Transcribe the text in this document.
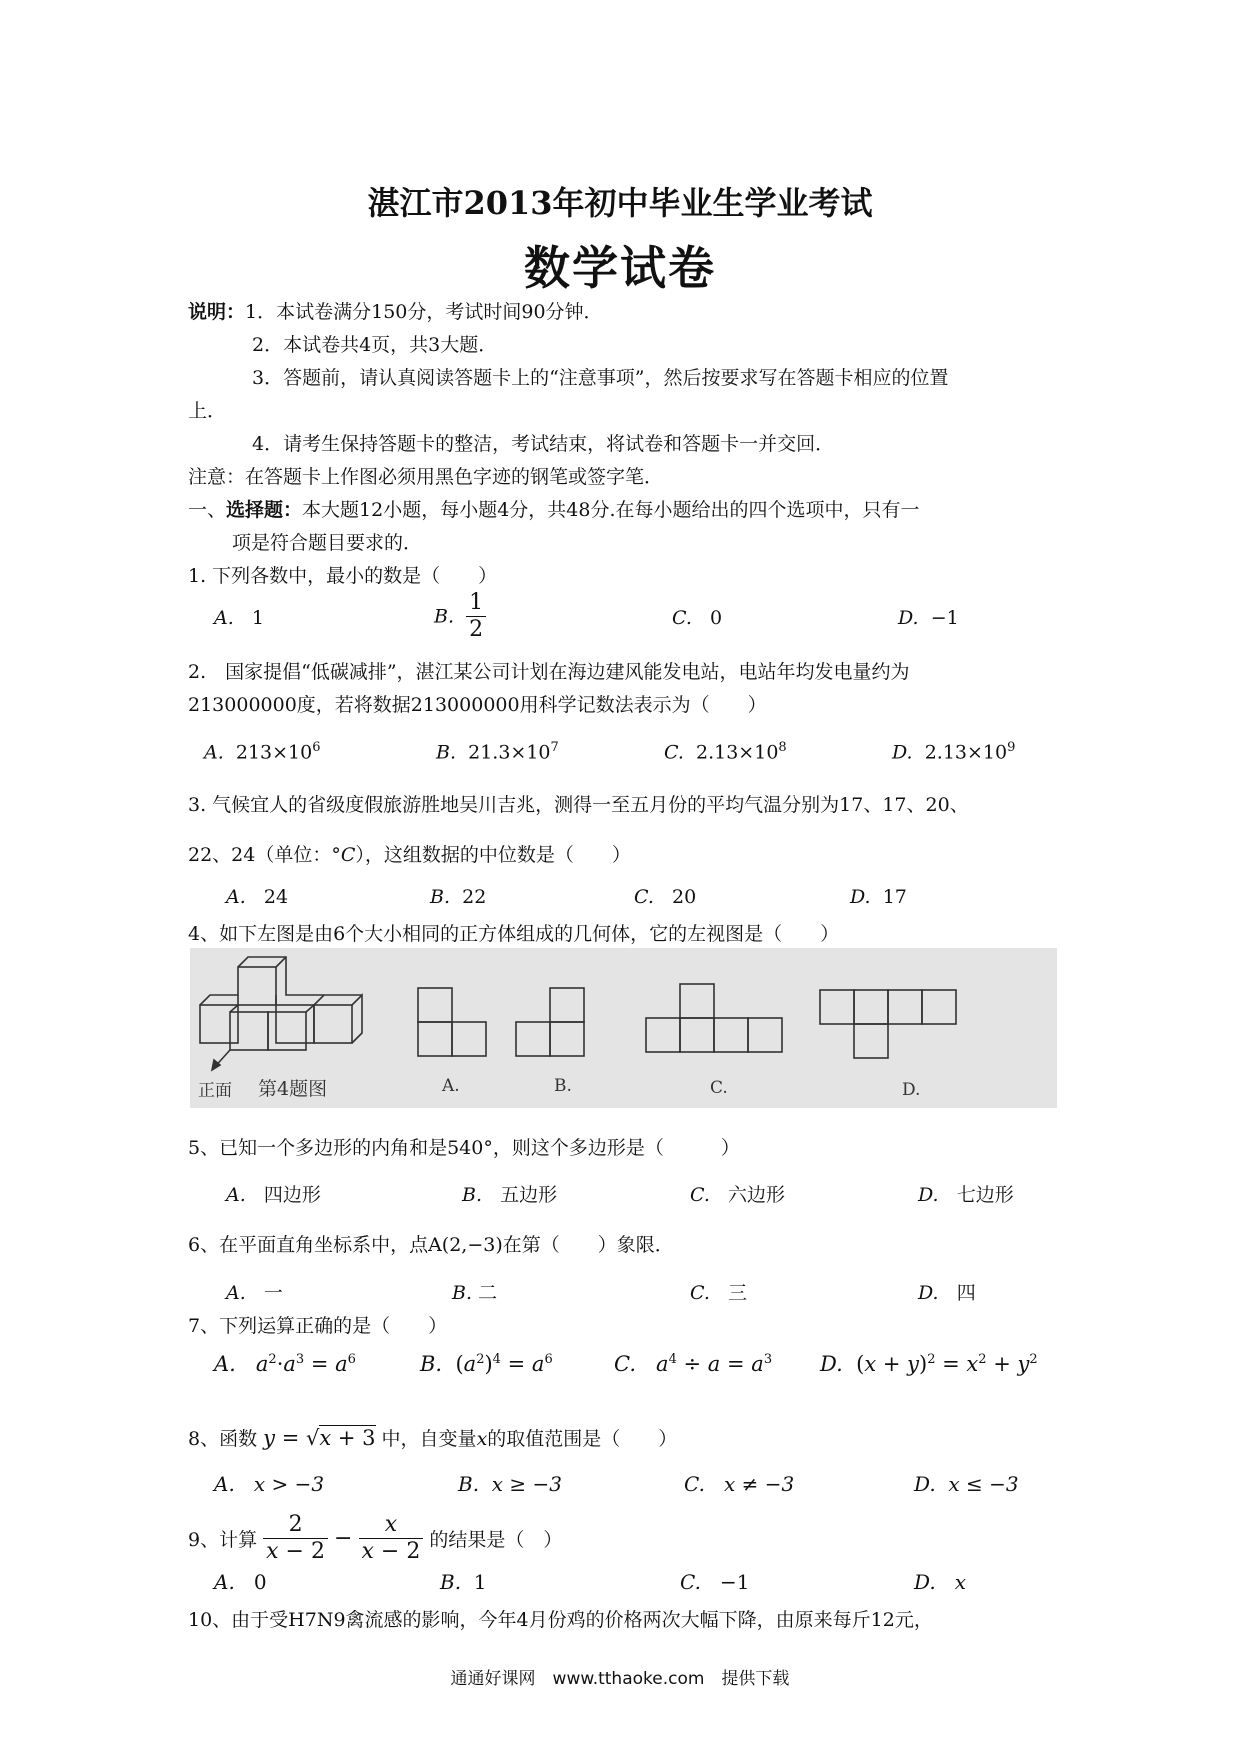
湛江市2013年初中毕业生学业考试
数学试卷
说明：1．本试卷满分150分，考试时间90分钟．
2．本试卷共4页，共3大题．
3．答题前，请认真阅读答题卡上的“注意事项”，然后按要求写在答题卡相应的位置
上．
4．请考生保持答题卡的整洁，考试结束，将试卷和答题卡一并交回．
注意：在答题卡上作图必须用黑色字迹的钢笔或签字笔．
一、选择题：本大题12小题，每小题4分，共48分.在每小题给出的四个选项中，只有一
项是符合题目要求的．
1. 下列各数中，最小的数是（　　）
A. 1	B. $\frac{1}{2}$	C. 0	D. −1
2.　国家提倡“低碳减排”，湛江某公司计划在海边建风能发电站，电站年均发电量约为
213000000度，若将数据213000000用科学记数法表示为（　　）
A. $213\times 10^6$	B. $21.3\times 10^7$	C. $2.13\times 10^8$	D. $2.13\times 10^9$
3. 气候宜人的省级度假旅游胜地吴川吉兆，测得一至五月份的平均气温分别为17、17、20、
22、24（单位：°C），这组数据的中位数是（　　）
A. 24	B. 22	C. 20	D. 17
4、如下左图是由6个大小相同的正方体组成的几何体，它的左视图是（　　）
正面 第4题图	A.	B.	C.	D.
5、已知一个多边形的内角和是540°，则这个多边形是（　　　）
A. 四边形	B. 五边形	C. 六边形	D. 七边形
6、在平面直角坐标系中，点A(2,−3)在第（　　）象限．
A. 一	B. 二	C. 三	D. 四
7、下列运算正确的是（　　）
A. $a^2\cdot a^3 = a^6$	B.  $(a^2)^4 = a^6$	C. $a^4 \div a = a^3$ D.  $(x + y)^2 = x^2 + y^2$
8、函数 y = √x + 3 中，自变量x的取值范围是（　　）
A. x > −3	B. x ≥ −3	C. x ≠ −3	D. x ≤ −3
9、计算 $\frac{2}{x - 2} - \frac{x}{x - 2}$ 的结果是（　）
A. 0	B. 1	C. −1	D. x
10、由于受H7N9禽流感的影响，今年4月份鸡的价格两次大幅下降，由原来每斤12元，
通通好课网　www.tthaoke.com　提供下载
